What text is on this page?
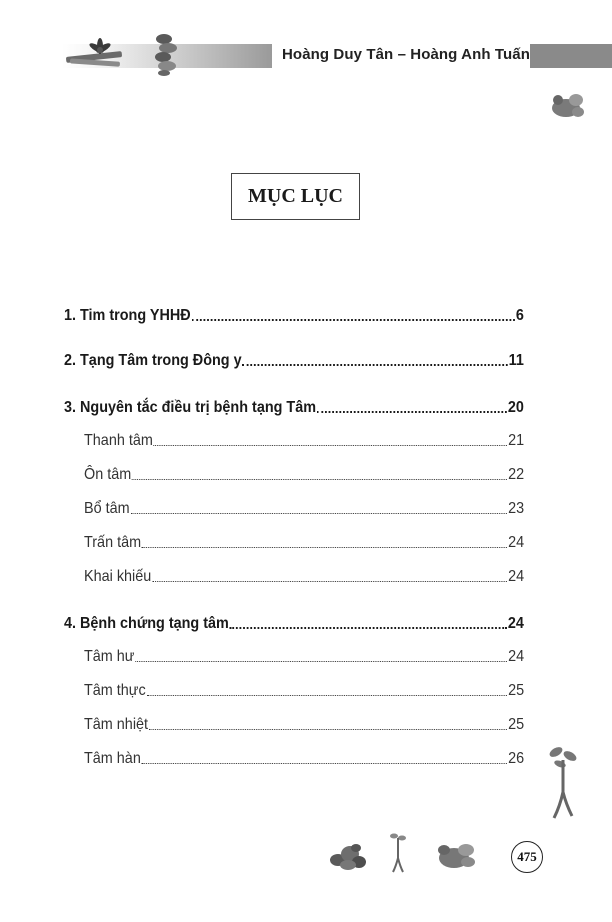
Hoàng Duy Tân – Hoàng Anh Tuấn
MỤC LỤC
1. Tim trong YHHĐ	6
2. Tạng Tâm trong Đông y	11
3. Nguyên tắc điều trị bệnh tạng Tâm	20
Thanh tâm	21
Ôn tâm	22
Bổ tâm	23
Trấn tâm	24
Khai khiếu	24
4. Bệnh chứng tạng tâm	24
Tâm hư	24
Tâm thực	25
Tâm nhiệt	25
Tâm hàn	26
475
